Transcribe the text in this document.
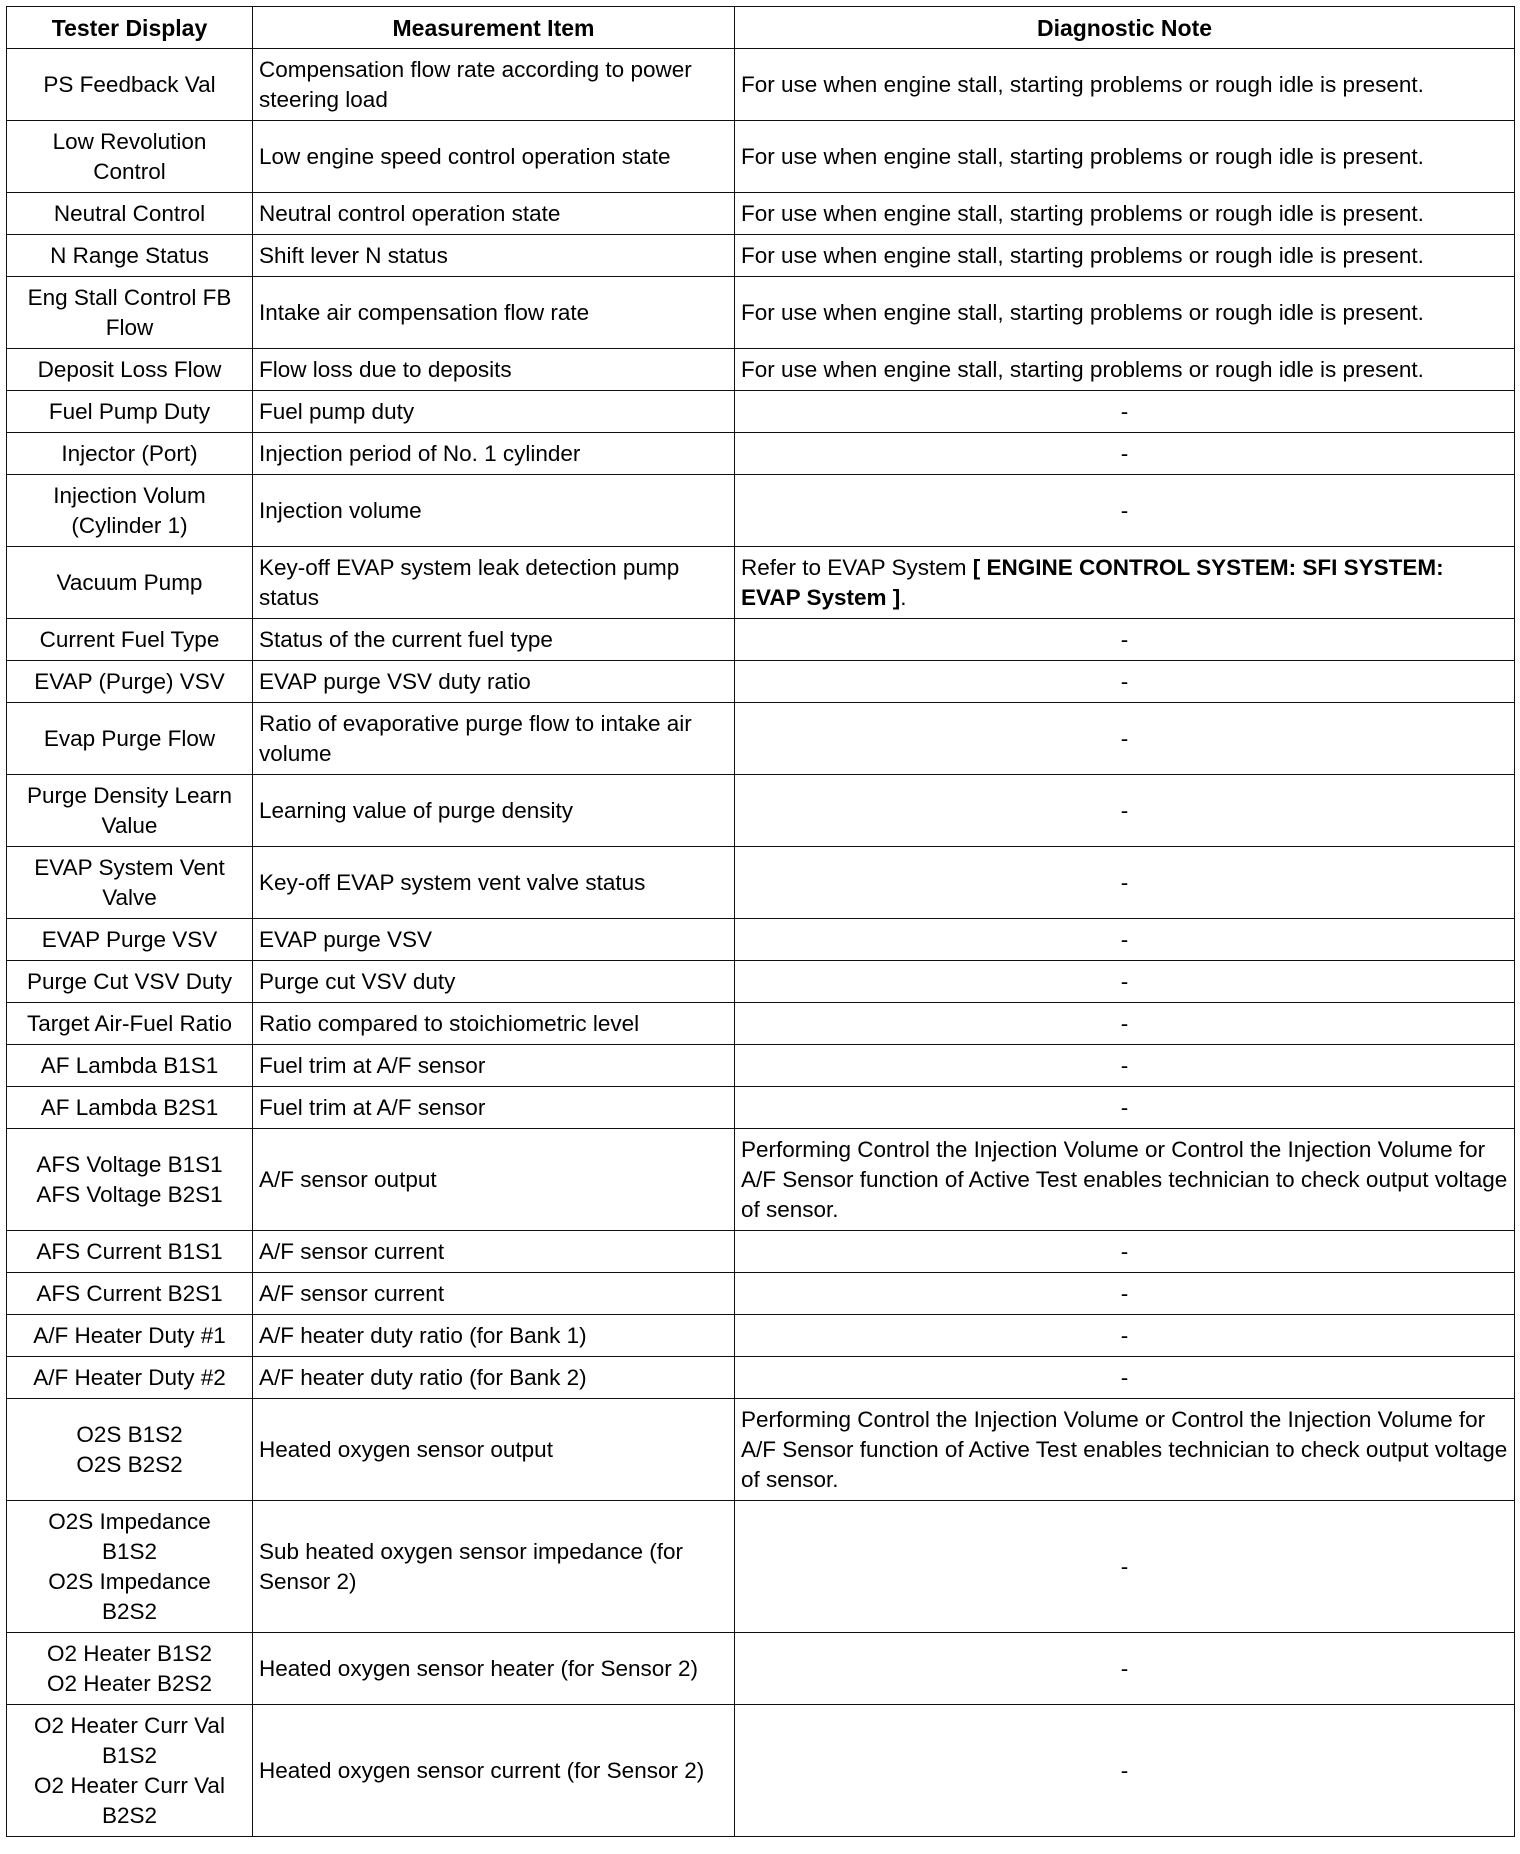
Tester Display	Measurement Item	Diagnostic Note

PS Feedback Val	Compensation flow rate according to power steering load	For use when engine stall, starting problems or rough idle is present.

Low Revolution
Control	Low engine speed control operation state	For use when engine stall, starting problems or rough idle is present.

Neutral Control	Neutral control operation state	For use when engine stall, starting problems or rough idle is present.

N Range Status	Shift lever N status	For use when engine stall, starting problems or rough idle is present.

Eng Stall Control FB
Flow	Intake air compensation flow rate	For use when engine stall, starting problems or rough idle is present.

Deposit Loss Flow	Flow loss due to deposits	For use when engine stall, starting problems or rough idle is present.

Fuel Pump Duty	Fuel pump duty	-

Injector (Port)	Injection period of No. 1 cylinder	-

Injection Volum
(Cylinder 1)	Injection volume	-

Vacuum Pump	Key-off EVAP system leak detection pump status	Refer to EVAP System [ ENGINE CONTROL SYSTEM: SFI SYSTEM: EVAP System ].

Current Fuel Type	Status of the current fuel type	-

EVAP (Purge) VSV	EVAP purge VSV duty ratio	-

Evap Purge Flow	Ratio of evaporative purge flow to intake air volume	-

Purge Density Learn
Value	Learning value of purge density	-

EVAP System Vent
Valve	Key-off EVAP system vent valve status	-

EVAP Purge VSV	EVAP purge VSV	-

Purge Cut VSV Duty	Purge cut VSV duty	-

Target Air-Fuel Ratio	Ratio compared to stoichiometric level	-

AF Lambda B1S1	Fuel trim at A/F sensor	-

AF Lambda B2S1	Fuel trim at A/F sensor	-

AFS Voltage B1S1
AFS Voltage B2S1	A/F sensor output	Performing Control the Injection Volume or Control the Injection Volume for A/F Sensor function of Active Test enables technician to check output voltage of sensor.

AFS Current B1S1	A/F sensor current	-

AFS Current B2S1	A/F sensor current	-

A/F Heater Duty #1	A/F heater duty ratio (for Bank 1)	-

A/F Heater Duty #2	A/F heater duty ratio (for Bank 2)	-

O2S B1S2
O2S B2S2	Heated oxygen sensor output	Performing Control the Injection Volume or Control the Injection Volume for A/F Sensor function of Active Test enables technician to check output voltage of sensor.

O2S Impedance
B1S2
O2S Impedance
B2S2	Sub heated oxygen sensor impedance (for Sensor 2)	-

O2 Heater B1S2
O2 Heater B2S2	Heated oxygen sensor heater (for Sensor 2)	-

O2 Heater Curr Val
B1S2
O2 Heater Curr Val
B2S2	Heated oxygen sensor current (for Sensor 2)	-
